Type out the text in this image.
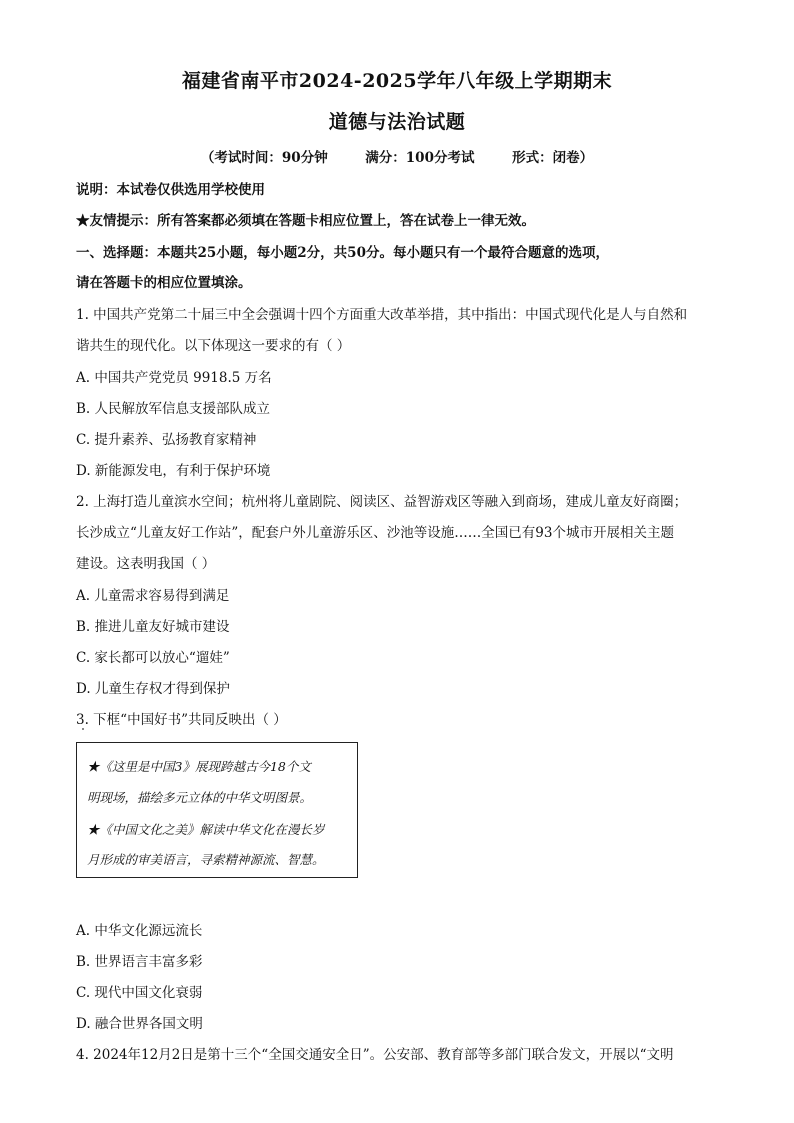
福建省南平市2024-2025学年八年级上学期期末
道德与法治试题
（考试时间：90分钟        满分：100分考试        形式：闭卷）
说明：本试卷仅供选用学校使用
★友情提示：所有答案都必须填在答题卡相应位置上，答在试卷上一律无效。
一、选择题：本题共25小题，每小题2分，共50分。每小题只有一个最符合题意的选项，
请在答题卡的相应位置填涂。
1. 中国共产党第二十届三中全会强调十四个方面重大改革举措，其中指出：中国式现代化是人与自然和
谐共生的现代化。以下体现这一要求的有（ ）
A. 中国共产党党员 9918.5 万名
B. 人民解放军信息支援部队成立
C. 提升素养、弘扬教育家精神
D. 新能源发电，有利于保护环境
2. 上海打造儿童滨水空间；杭州将儿童剧院、阅读区、益智游戏区等融入到商场，建成儿童友好商圈；
长沙成立“儿童友好工作站”，配套户外儿童游乐区、沙池等设施……全国已有93个城市开展相关主题
建设。这表明我国（ ）
A. 儿童需求容易得到满足
B. 推进儿童友好城市建设
C. 家长都可以放心“遛娃”
D. 儿童生存权才得到保护
3. 下框“中国好书”共同反映出（ ）
★《这里是中国3》展现跨越古今18个文
明现场，描绘多元立体的中华文明图景。
★《中国文化之美》解读中华文化在漫长岁
月形成的审美语言，寻索精神源流、智慧。
A. 中华文化源远流长
B. 世界语言丰富多彩
C. 现代中国文化衰弱
D. 融合世界各国文明
4. 2024年12月2日是第十三个“全国交通安全日”。公安部、教育部等多部门联合发文，开展以“文明
